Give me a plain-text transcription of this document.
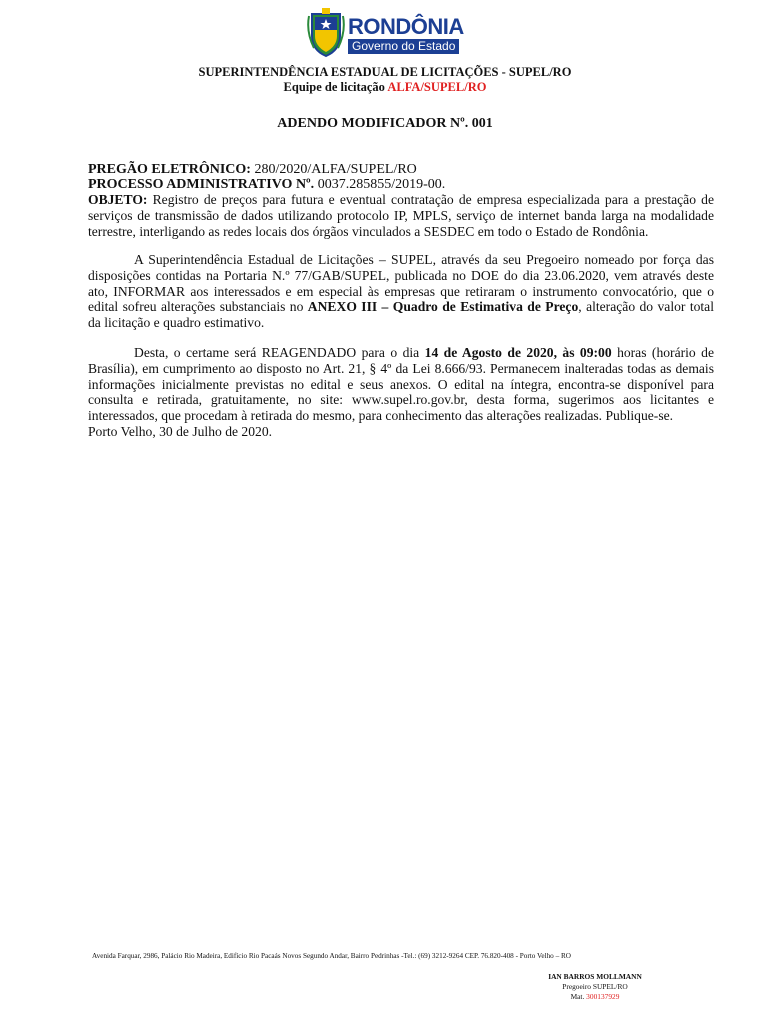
RONDÔNIA
Governo do Estado
SUPERINTENDÊNCIA ESTADUAL DE LICITAÇÕES - SUPEL/RO
Equipe de licitação ALFA/SUPEL/RO
ADENDO MODIFICADOR Nº. 001
PREGÃO ELETRÔNICO: 280/2020/ALFA/SUPEL/RO
PROCESSO ADMINISTRATIVO Nº. 0037.285855/2019-00.
OBJETO: Registro de preços para futura e eventual contratação de empresa especializada para a prestação de serviços de transmissão de dados utilizando protocolo IP, MPLS, serviço de internet banda larga na modalidade terrestre, interligando as redes locais dos órgãos vinculados a SESDEC em todo o Estado de Rondônia.
A Superintendência Estadual de Licitações – SUPEL, através da seu Pregoeiro nomeado por força das disposições contidas na Portaria N.º 77/GAB/SUPEL, publicada no DOE do dia 23.06.2020, vem através deste ato, INFORMAR aos interessados e em especial às empresas que retiraram o instrumento convocatório, que o edital sofreu alterações substanciais no ANEXO III – Quadro de Estimativa de Preço, alteração do valor total da licitação e quadro estimativo.
Desta, o certame será REAGENDADO para o dia 14 de Agosto de 2020, às 09:00 horas (horário de Brasília), em cumprimento ao disposto no Art. 21, § 4º da Lei 8.666/93. Permanecem inalteradas todas as demais informações inicialmente previstas no edital e seus anexos. O edital na íntegra, encontra-se disponível para consulta e retirada, gratuitamente, no site: www.supel.ro.gov.br, desta forma, sugerimos aos licitantes e interessados, que procedam à retirada do mesmo, para conhecimento das alterações realizadas. Publique-se.
Porto Velho, 30 de Julho de 2020.
Avenida Farquar, 2986, Palácio Rio Madeira, Edifício Rio Pacaás Novos Segundo Andar, Bairro Pedrinhas -Tel.: (69) 3212-9264 CEP. 76.820-408 - Porto Velho – RO
IAN BARROS MOLLMANN
Pregoeiro SUPEL/RO
Mat. 300137929
